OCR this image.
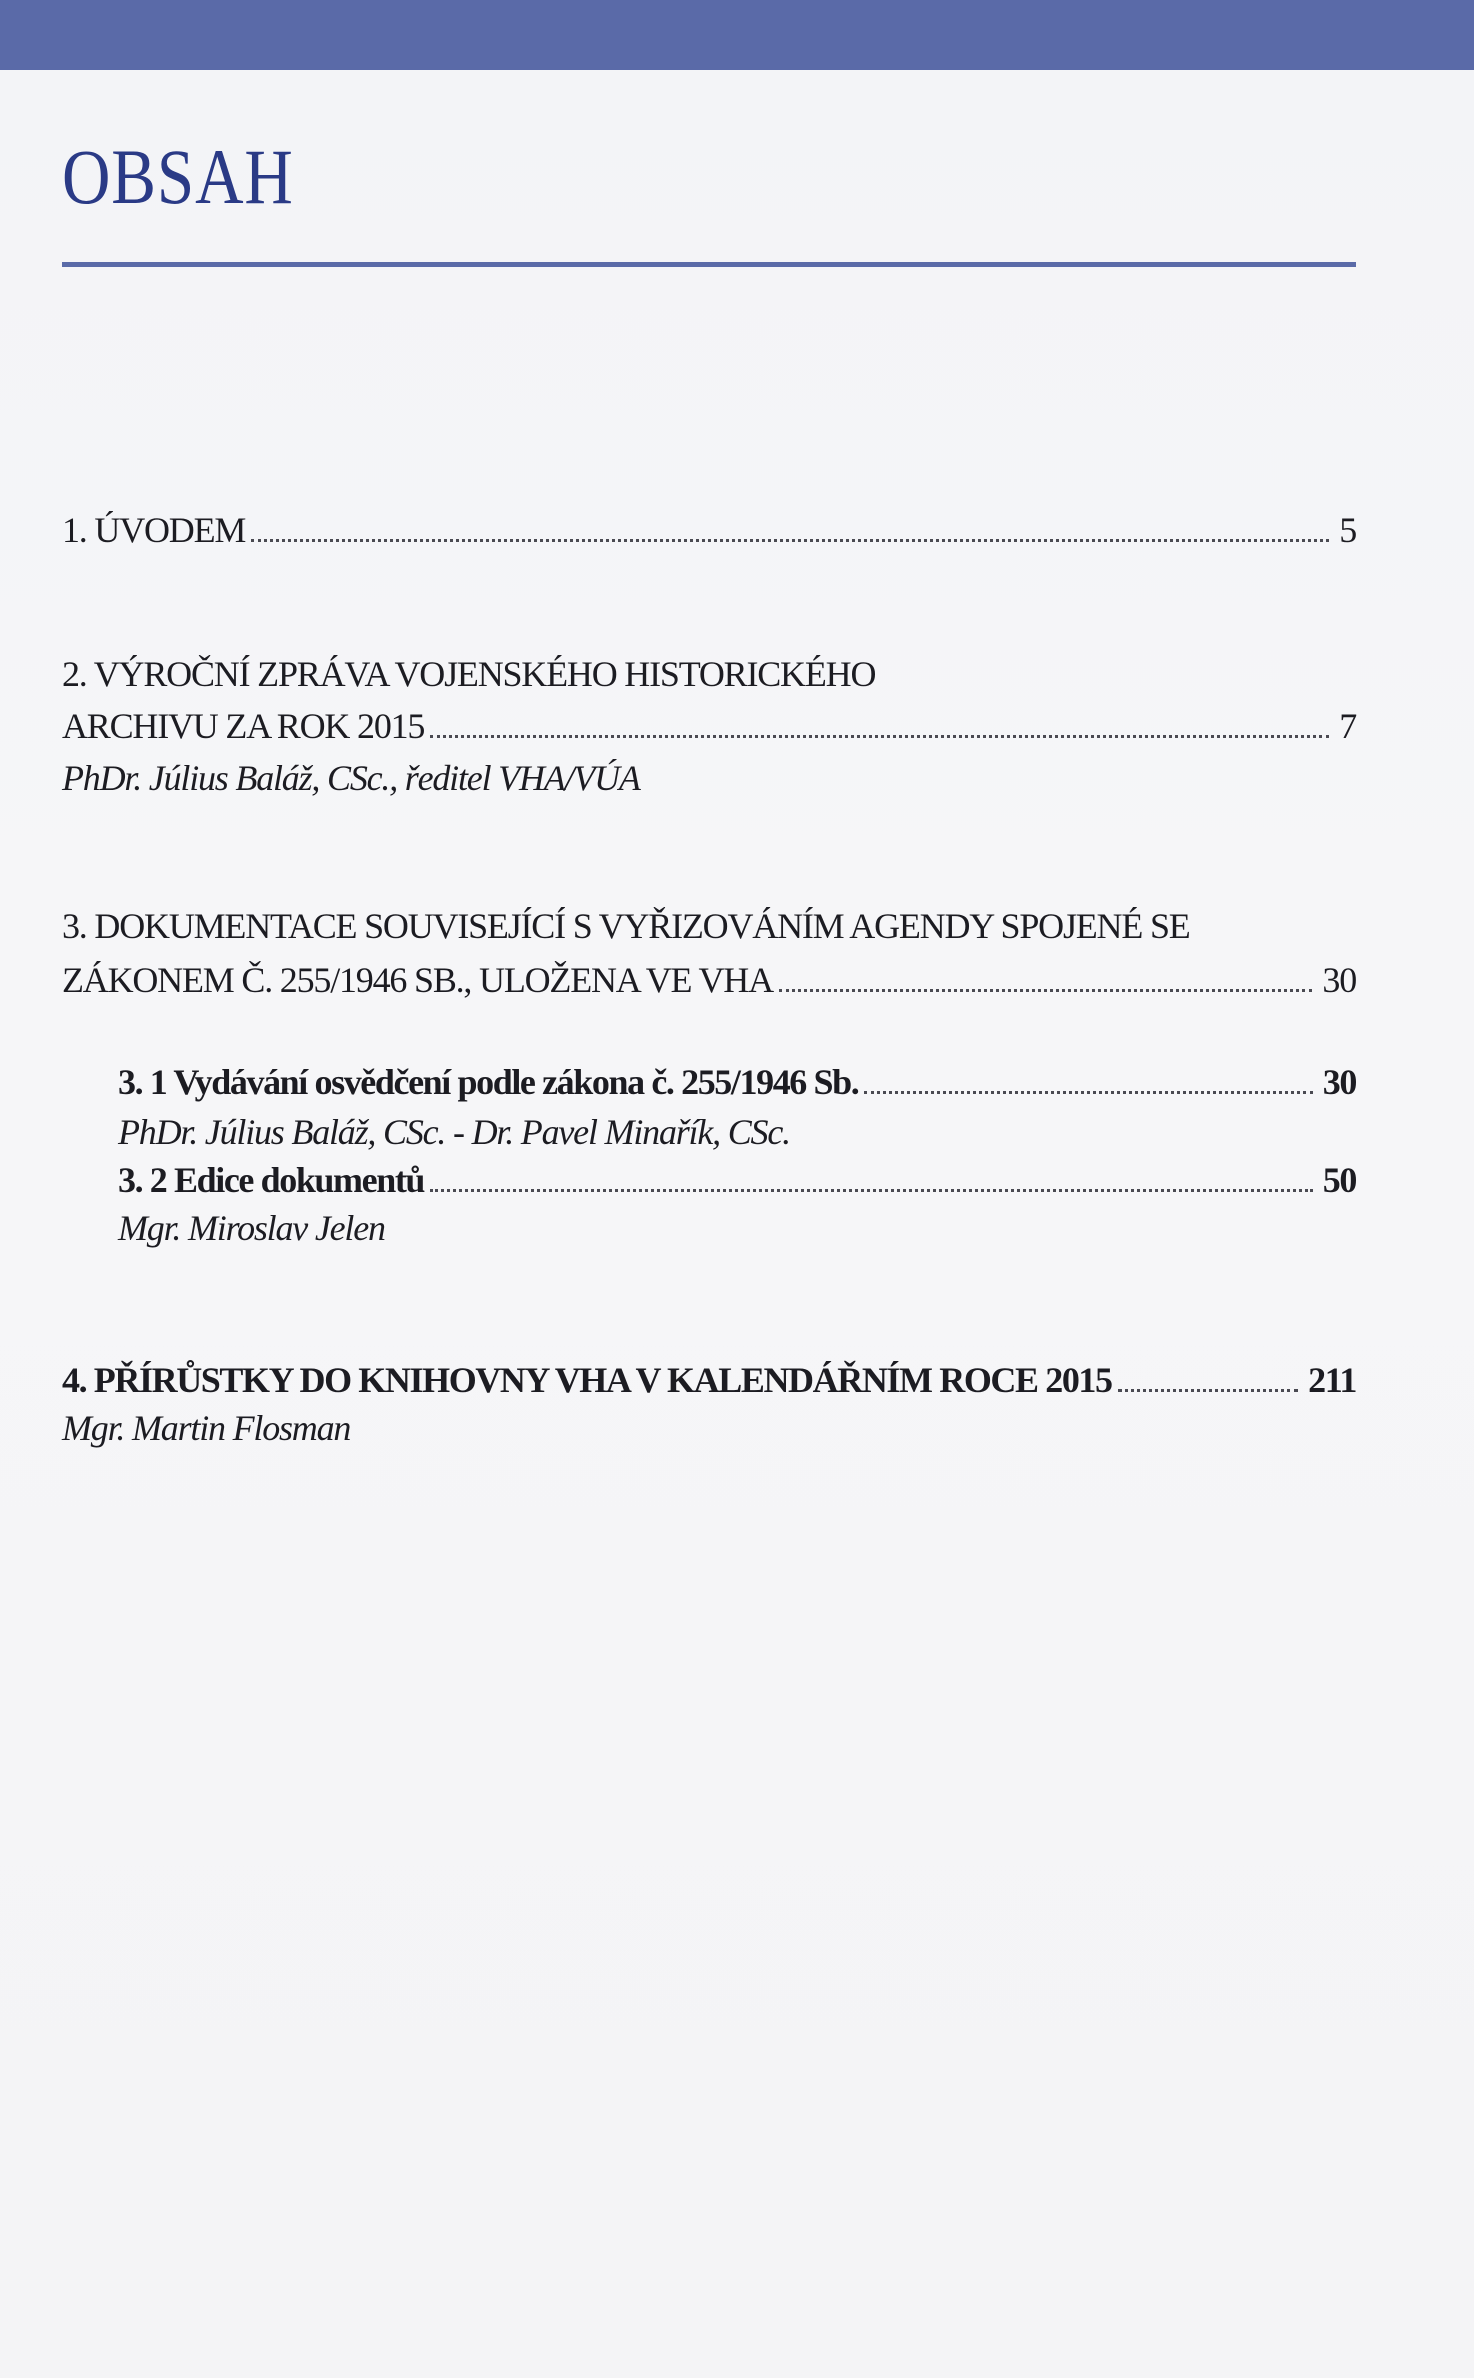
OBSAH
1. ÚVODEM	5
2. VÝROČNÍ ZPRÁVA VOJENSKÉHO HISTORICKÉHO
ARCHIVU ZA ROK 2015	7
PhDr. Július Baláž, CSc., ředitel VHA/VÚA
3. DOKUMENTACE SOUVISEJÍCÍ S VYŘIZOVÁNÍM AGENDY SPOJENÉ SE
ZÁKONEM Č. 255/1946 SB., ULOŽENA VE VHA	30
3. 1 Vydávání osvědčení podle zákona č. 255/1946 Sb.	30
PhDr. Július Baláž, CSc. - Dr. Pavel Minařík, CSc.
3. 2 Edice dokumentů	50
Mgr. Miroslav Jelen
4. PŘÍRŮSTKY DO KNIHOVNY VHA V KALENDÁŘNÍM ROCE 2015	211
Mgr. Martin Flosman
